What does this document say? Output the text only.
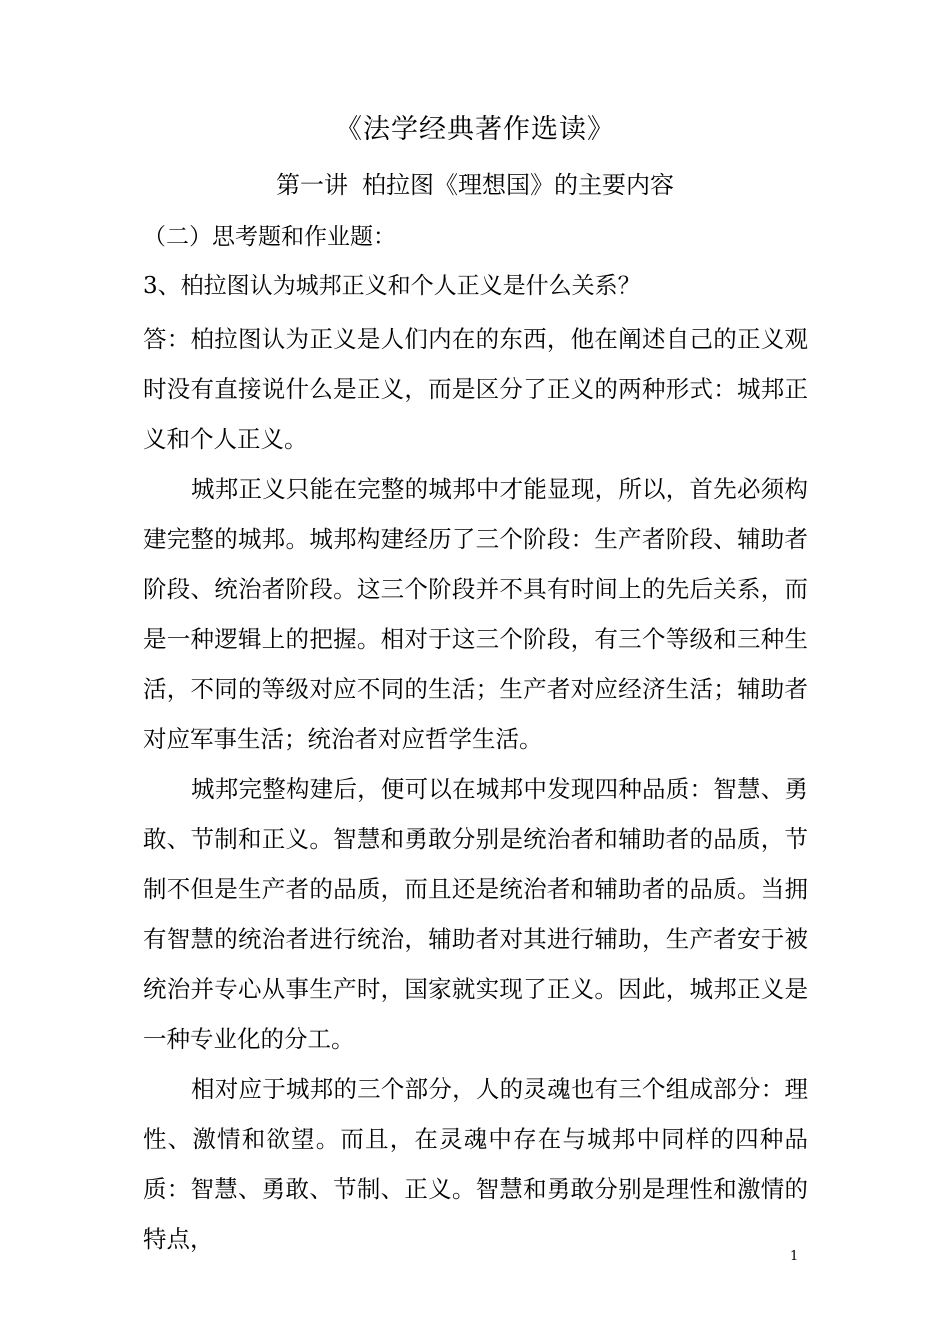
《法学经典著作选读》
第一讲 柏拉图《理想国》的主要内容
（二）思考题和作业题：
3、柏拉图认为城邦正义和个人正义是什么关系？

答：柏拉图认为正义是人们内在的东西，他在阐述自己的正义观时没有直接说什么是正义，而是区分了正义的两种形式：城邦正义和个人正义。

城邦正义只能在完整的城邦中才能显现，所以，首先必须构建完整的城邦。城邦构建经历了三个阶段：生产者阶段、辅助者阶段、统治者阶段。这三个阶段并不具有时间上的先后关系，而是一种逻辑上的把握。相对于这三个阶段，有三个等级和三种生活，不同的等级对应不同的生活；生产者对应经济生活；辅助者对应军事生活；统治者对应哲学生活。

城邦完整构建后，便可以在城邦中发现四种品质：智慧、勇敢、节制和正义。智慧和勇敢分别是统治者和辅助者的品质，节制不但是生产者的品质，而且还是统治者和辅助者的品质。当拥有智慧的统治者进行统治，辅助者对其进行辅助，生产者安于被统治并专心从事生产时，国家就实现了正义。因此，城邦正义是一种专业化的分工。

相对应于城邦的三个部分，人的灵魂也有三个组成部分：理性、激情和欲望。而且，在灵魂中存在与城邦中同样的四种品质：智慧、勇敢、节制、正义。智慧和勇敢分别是理性和激情的特点，

1
